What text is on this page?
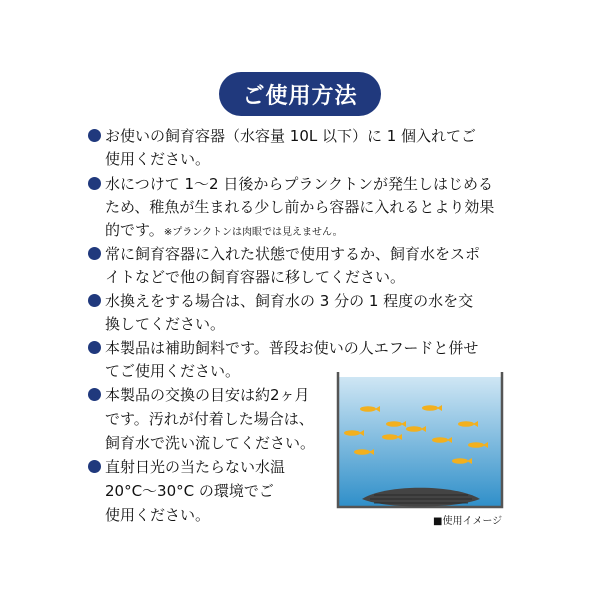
ご使用方法
お使いの飼育容器（水容量 10L 以下）に 1 個入れてご
使用ください。
水につけて 1〜2 日後からプランクトンが発生しはじめる
ため、稚魚が生まれる少し前から容器に入れるとより効果
的です。※プランクトンは肉眼では見えません。
常に飼育容器に入れた状態で使用するか、飼育水をスポ
イトなどで他の飼育容器に移してください。
水換えをする場合は、飼育水の 3 分の 1 程度の水を交
換してください。
本製品は補助飼料です。普段お使いの人エフードと併せ
てご使用ください。
本製品の交換の目安は約2ヶ月
です。汚れが付着した場合は、
飼育水で洗い流してください。
直射日光の当たらない水温
20°C〜30°C の環境でご
使用ください。	■使用イメージ
